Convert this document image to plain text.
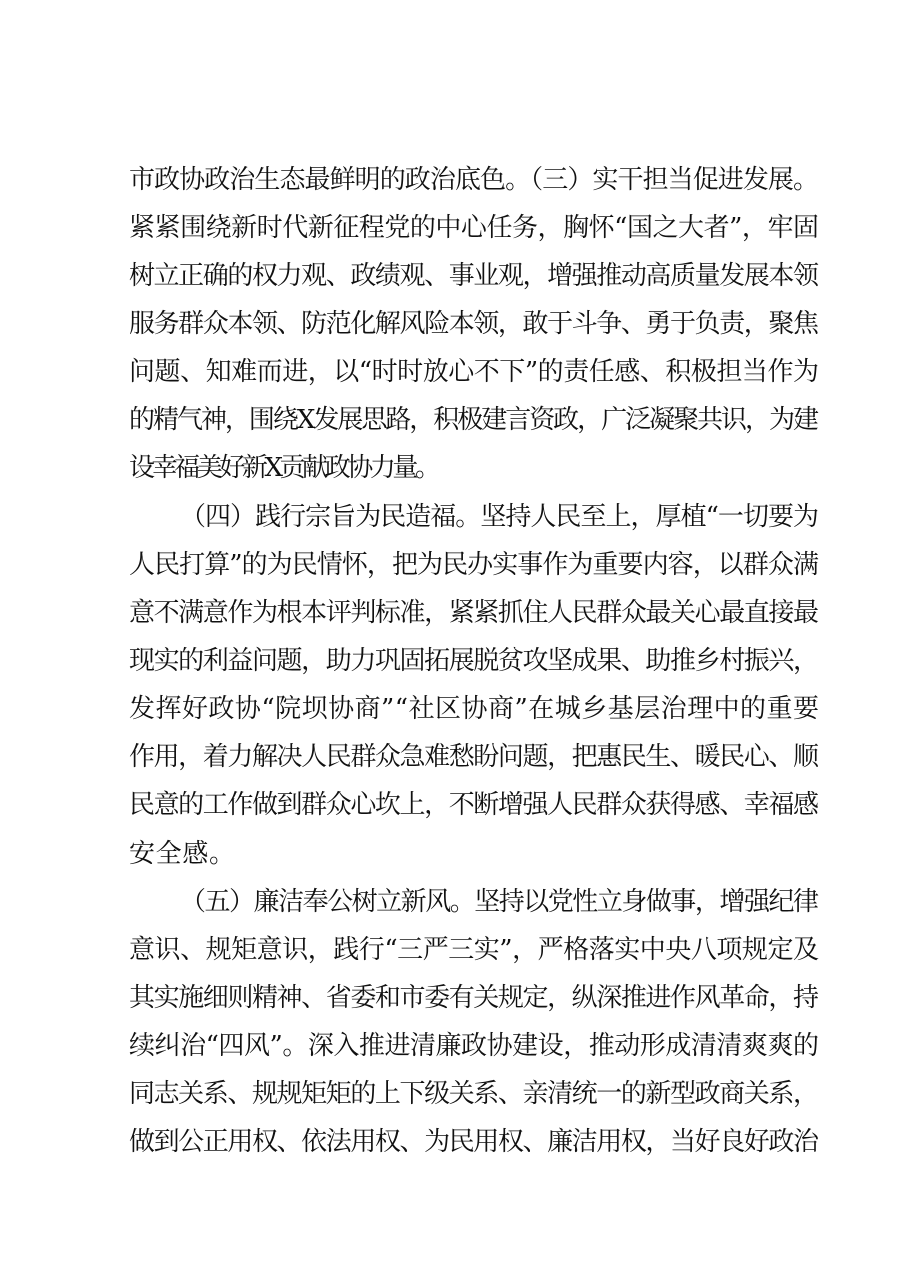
市政协政治生态最鲜明的政治底色。（三）实干担当促进发展。
紧紧围绕新时代新征程党的中心任务，胸怀“国之大者”，牢固
树立正确的权力观、政绩观、事业观，增强推动高质量发展本领
服务群众本领、防范化解风险本领，敢于斗争、勇于负责，聚焦
问题、知难而进，以“时时放心不下”的责任感、积极担当作为
的精气神，围绕X发展思路，积极建言资政，广泛凝聚共识，为建
设幸福美好新X贡献政协力量。
（四）践行宗旨为民造福。坚持人民至上，厚植“一切要为
人民打算”的为民情怀，把为民办实事作为重要内容，以群众满
意不满意作为根本评判标准，紧紧抓住人民群众最关心最直接最
现实的利益问题，助力巩固拓展脱贫攻坚成果、助推乡村振兴，
发挥好政协“院坝协商”“社区协商”在城乡基层治理中的重要
作用，着力解决人民群众急难愁盼问题，把惠民生、暖民心、顺
民意的工作做到群众心坎上，不断增强人民群众获得感、幸福感
安全感。
（五）廉洁奉公树立新风。坚持以党性立身做事，增强纪律
意识、规矩意识，践行“三严三实”，严格落实中央八项规定及
其实施细则精神、省委和市委有关规定，纵深推进作风革命，持
续纠治“四风”。深入推进清廉政协建设，推动形成清清爽爽的
同志关系、规规矩矩的上下级关系、亲清统一的新型政商关系，
做到公正用权、依法用权、为民用权、廉洁用权，当好良好政治
